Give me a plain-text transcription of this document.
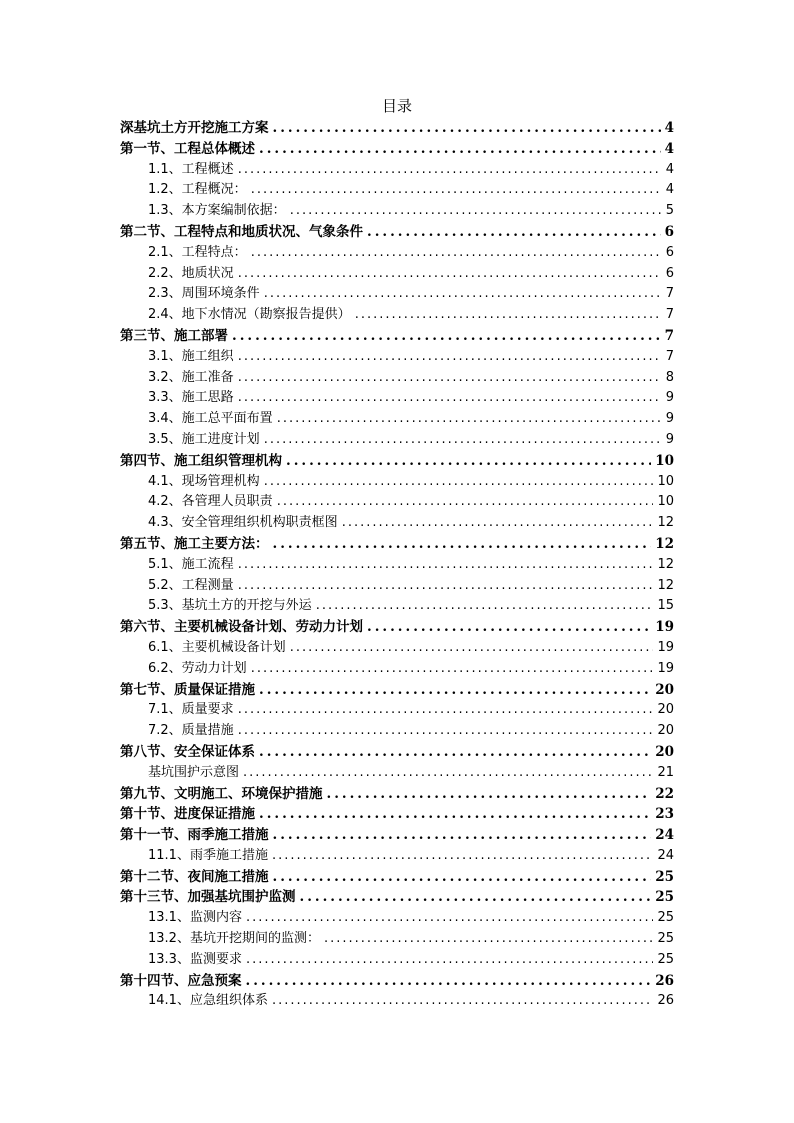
目录
深基坑土方开挖施工方案 .....	4
第一节、工程总体概述 .....	4
1.1、工程概述 .....	4
1.2、工程概况： .....	4
1.3、本方案编制依据： .....	5
第二节、工程特点和地质状况、气象条件 .....	6
2.1、工程特点： .....	6
2.2、地质状况 .....	6
2.3、周围环境条件 .....	7
2.4、地下水情况（勘察报告提供） .....	7
第三节、施工部署 .....	7
3.1、施工组织 .....	7
3.2、施工准备 .....	8
3.3、施工思路 .....	9
3.4、施工总平面布置 .....	9
3.5、施工进度计划 .....	9
第四节、施工组织管理机构 .....	10
4.1、现场管理机构 .....	10
4.2、各管理人员职责 .....	10
4.3、安全管理组织机构职责框图 .....	12
第五节、施工主要方法： .....	12
5.1、施工流程 .....	12
5.2、工程测量 .....	12
5.3、基坑土方的开挖与外运 .....	15
第六节、主要机械设备计划、劳动力计划 .....	19
6.1、主要机械设备计划 .....	19
6.2、劳动力计划 .....	19
第七节、质量保证措施 .....	20
7.1、质量要求 .....	20
7.2、质量措施 .....	20
第八节、安全保证体系 .....	20
基坑围护示意图 .....	21
第九节、文明施工、环境保护措施 .....	22
第十节、进度保证措施 .....	23
第十一节、雨季施工措施 .....	24
11.1、雨季施工措施 .....	24
第十二节、夜间施工措施 .....	25
第十三节、加强基坑围护监测 .....	25
13.1、监测内容 .....	25
13.2、基坑开挖期间的监测： .....	25
13.3、监测要求 .....	25
第十四节、应急预案 .....	26
14.1、应急组织体系 .....	26
